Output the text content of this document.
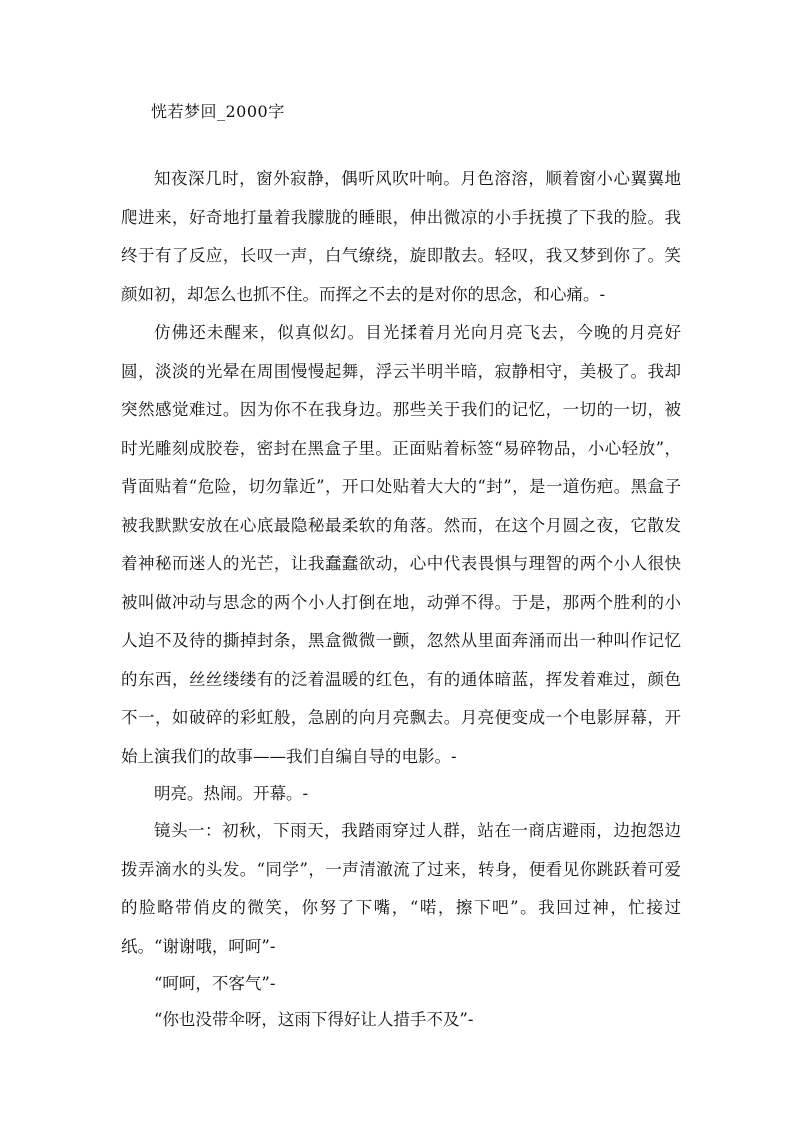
恍若梦回_2000字

知夜深几时，窗外寂静，偶听风吹叶响。月色溶溶，顺着窗小心翼翼地爬进来，好奇地打量着我朦胧的睡眼，伸出微凉的小手抚摸了下我的脸。我终于有了反应，长叹一声，白气缭绕，旋即散去。轻叹，我又梦到你了。笑颜如初，却怎么也抓不住。而挥之不去的是对你的思念，和心痛。-

仿佛还未醒来，似真似幻。目光揉着月光向月亮飞去，今晚的月亮好圆，淡淡的光晕在周围慢慢起舞，浮云半明半暗，寂静相守，美极了。我却突然感觉难过。因为你不在我身边。那些关于我们的记忆，一切的一切，被时光雕刻成胶卷，密封在黑盒子里。正面贴着标签“易碎物品，小心轻放”，背面贴着“危险，切勿靠近”，开口处贴着大大的“封”，是一道伤疤。黑盒子被我默默安放在心底最隐秘最柔软的角落。然而，在这个月圆之夜，它散发着神秘而迷人的光芒，让我蠢蠢欲动，心中代表畏惧与理智的两个小人很快被叫做冲动与思念的两个小人打倒在地，动弹不得。于是，那两个胜利的小人迫不及待的撕掉封条，黑盒微微一颤，忽然从里面奔涌而出一种叫作记忆的东西，丝丝缕缕有的泛着温暖的红色，有的通体暗蓝，挥发着难过，颜色不一，如破碎的彩虹般，急剧的向月亮飘去。月亮便变成一个电影屏幕，开始上演我们的故事——我们自编自导的电影。-

明亮。热闹。开幕。-

镜头一：初秋，下雨天，我踏雨穿过人群，站在一商店避雨，边抱怨边拨弄滴水的头发。“同学”，一声清澈流了过来，转身，便看见你跳跃着可爱的脸略带俏皮的微笑，你努了下嘴，“喏，擦下吧”。我回过神，忙接过纸。“谢谢哦，呵呵”-

“呵呵，不客气”-

“你也没带伞呀，这雨下得好让人措手不及”-
